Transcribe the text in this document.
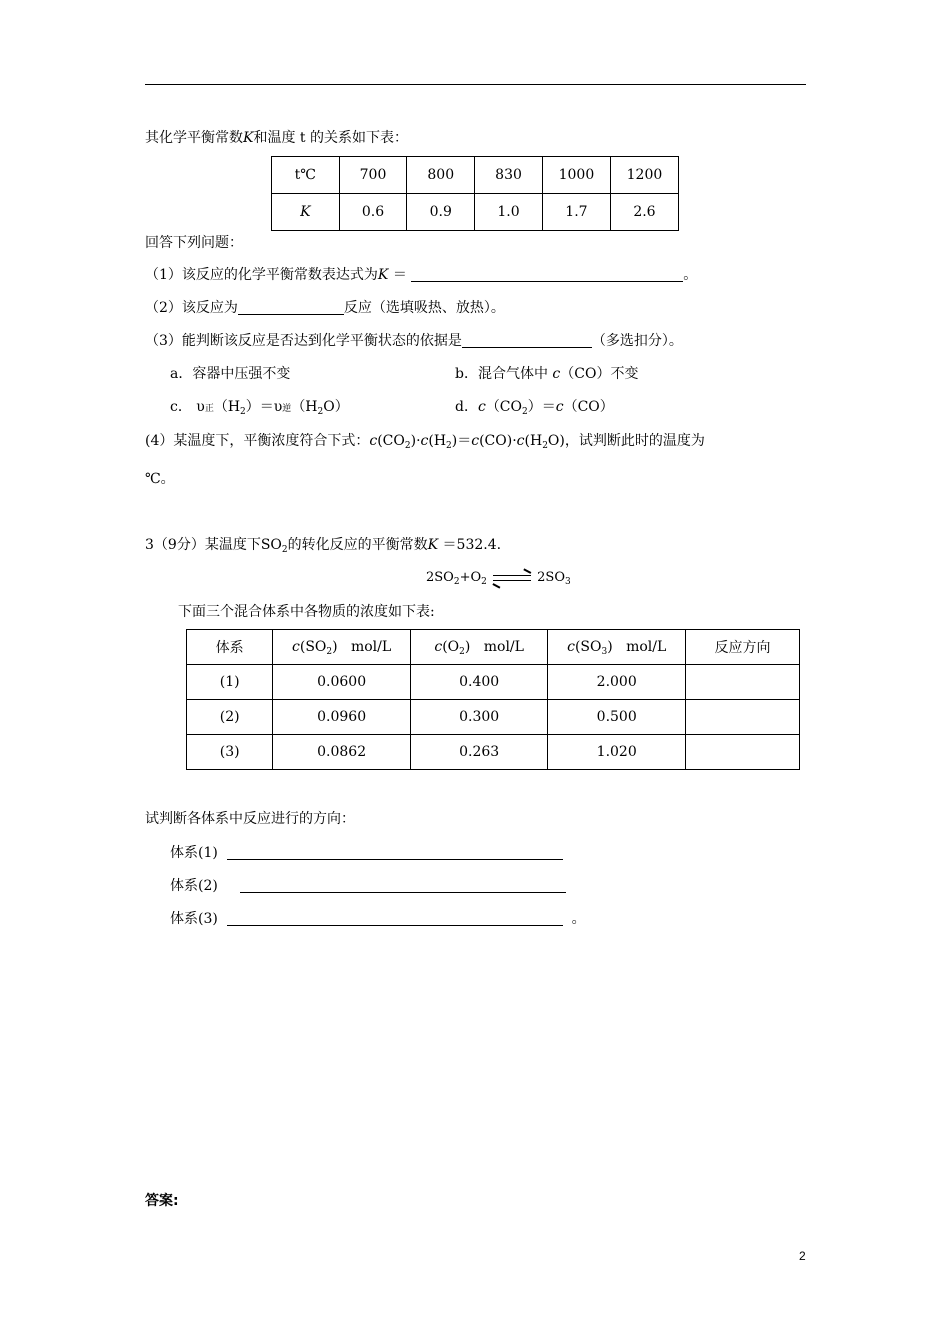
其化学平衡常数K和温度 t 的关系如下表：
t℃	700	800	830	1000	1200
K	0.6	0.9	1.0	1.7	2.6
回答下列问题：
（1）该反应的化学平衡常数表达式为K ＝	。
（2）该反应为	反应（选填吸热、放热）。
（3）能判断该反应是否达到化学平衡状态的依据是	（多选扣分）。
a．容器中压强不变	b．混合气体中 c（CO）不变
c． υ正$(H_2)=\upsilon$逆$(H_2O)$	d．$c(CO_2)=c(CO)$
(4）某温度下，平衡浓度符合下式：$c(CO_2)\cdot c(H_2)=c(CO)\cdot c(H_2O)$，试判断此时的温度为
℃。
3（9分）某温度下$SO_2$的转化反应的平衡常数K ＝532.4.
$2SO_2+O_2$ ⇌ $2SO_3$
下面三个混合体系中各物质的浓度如下表:
体系	$c(SO_2)$ mol/L	$c(O_2)$ mol/L	$c(SO_3)$ mol/L	反应方向
(1)	0.0600	0.400	2.000	
(2)	0.0960	0.300	0.500	
(3)	0.0862	0.263	1.020	
试判断各体系中反应进行的方向：
体系(1)
体系(2)
体系(3)	。
答案:
2
